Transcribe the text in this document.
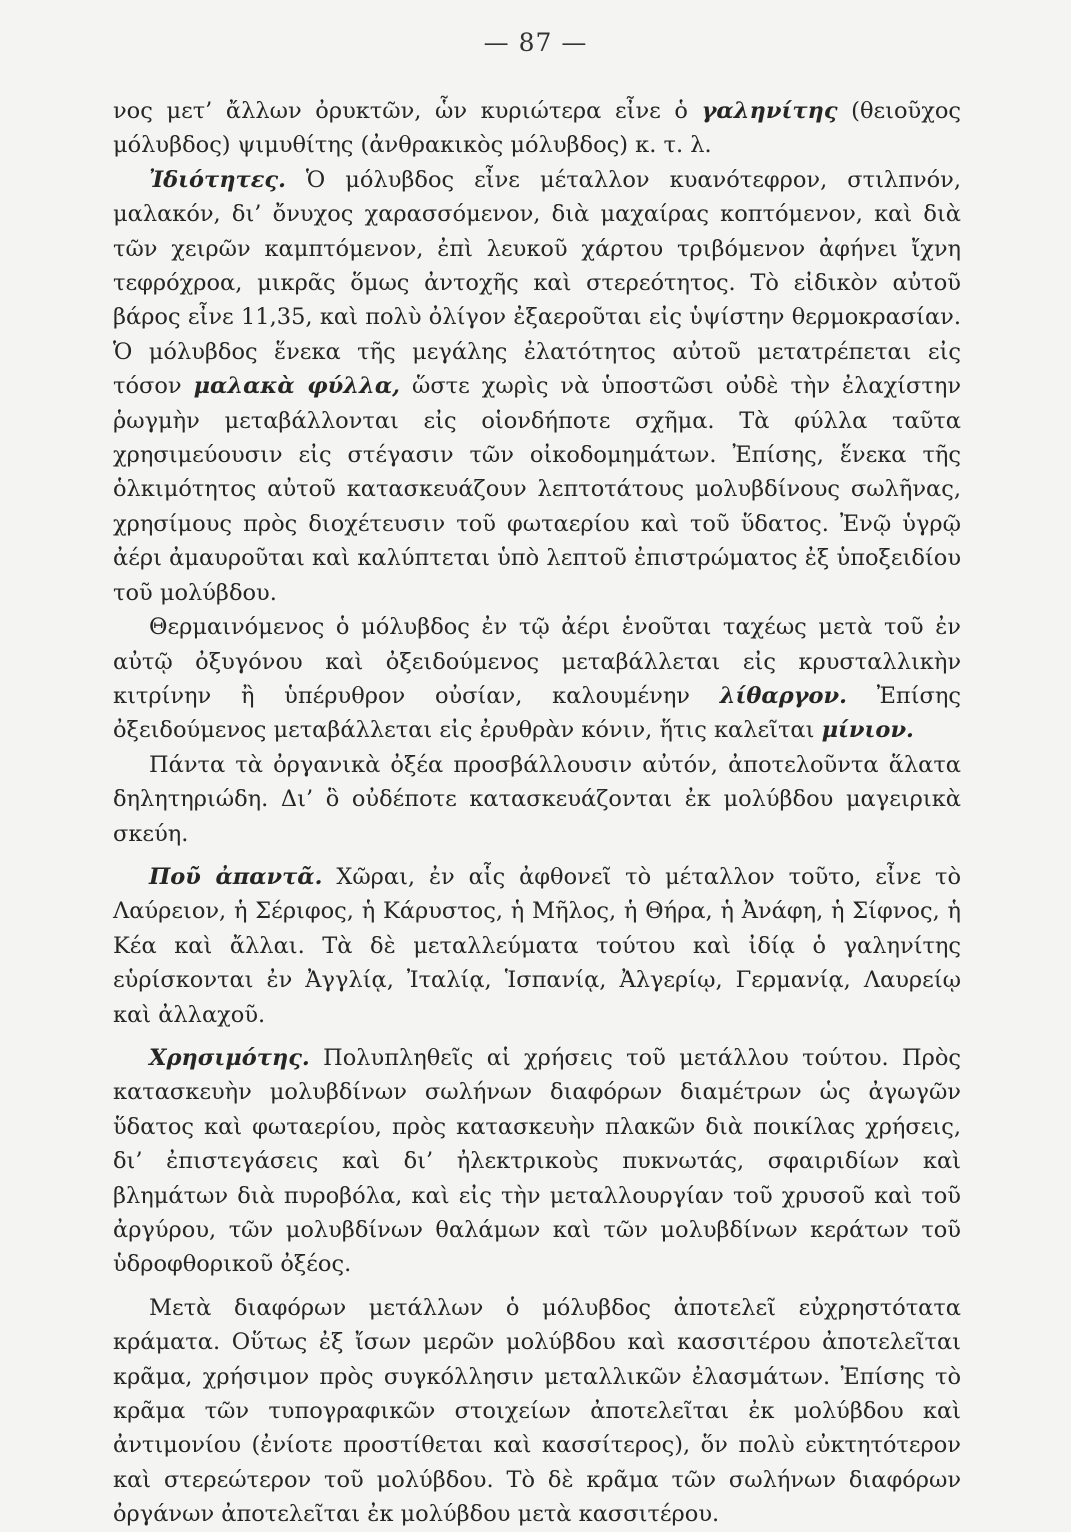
— 87 —

νος μετ’ ἄλλων ὀρυκτῶν, ὧν κυριώτερα εἶνε ὁ γαληνίτης (θειοῦχος μόλυβδος) ψιμυθίτης (ἀνθρακικὸς μόλυβδος) κ. τ. λ.

Ἰδιότητες. Ὁ μόλυβδος εἶνε μέταλλον κυανότεφρον, στιλπνόν, μαλακόν, δι’ ὄνυχος χαρασσόμενον, διὰ μαχαίρας κοπτόμενον, καὶ διὰ τῶν χειρῶν καμπτόμενον, ἐπὶ λευκοῦ χάρτου τριβόμενον ἀφήνει ἴχνη τεφρόχροα, μικρᾶς ὅμως ἀντοχῆς καὶ στερεότητος. Τὸ εἰδικὸν αὐτοῦ βάρος εἶνε 11,35, καὶ πολὺ ὀλίγον ἐξαεροῦται εἰς ὑψίστην θερμοκρασίαν. Ὁ μόλυβδος ἕνεκα τῆς μεγάλης ἐλατότητος αὐτοῦ μετατρέπεται εἰς τόσον μαλακὰ φύλλα, ὥστε χωρὶς νὰ ὑποστῶσι οὐδὲ τὴν ἐλαχίστην ῥωγμὴν μεταβάλλονται εἰς οἱονδήποτε σχῆμα. Τὰ φύλλα ταῦτα χρησιμεύουσιν εἰς στέγασιν τῶν οἰκοδομημάτων. Ἐπίσης, ἕνεκα τῆς ὁλκιμότητος αὐτοῦ κατασκευάζουν λεπτοτάτους μολυβδίνους σωλῆνας, χρησίμους πρὸς διοχέτευσιν τοῦ φωταερίου καὶ τοῦ ὕδατος. Ἐνῷ ὑγρῷ ἀέρι ἀμαυροῦται καὶ καλύπτεται ὑπὸ λεπτοῦ ἐπιστρώματος ἐξ ὑποξειδίου τοῦ μολύβδου.

Θερμαινόμενος ὁ μόλυβδος ἐν τῷ ἀέρι ἑνοῦται ταχέως μετὰ τοῦ ἐν αὐτῷ ὀξυγόνου καὶ ὀξειδούμενος μεταβάλλεται εἰς κρυσταλλικὴν κιτρίνην ἢ ὑπέρυθρον οὐσίαν, καλουμένην λίθαργον. Ἐπίσης ὀξειδούμενος μεταβάλλεται εἰς ἐρυθρὰν κόνιν, ἥτις καλεῖται μίνιον.

Πάντα τὰ ὀργανικὰ ὀξέα προσβάλλουσιν αὐτόν, ἀποτελοῦντα ἅλατα δηλητηριώδη. Δι’ ὃ οὐδέποτε κατασκευάζονται ἐκ μολύβδου μαγειρικὰ σκεύη.

Ποῦ ἀπαντᾶ. Χῶραι, ἐν αἷς ἀφθονεῖ τὸ μέταλλον τοῦτο, εἶνε τὸ Λαύρειον, ἡ Σέριφος, ἡ Κάρυστος, ἡ Μῆλος, ἡ Θήρα, ἡ Ἀνάφη, ἡ Σίφνος, ἡ Κέα καὶ ἄλλαι. Τὰ δὲ μεταλλεύματα τούτου καὶ ἰδίᾳ ὁ γαληνίτης εὑρίσκονται ἐν Ἀγγλίᾳ, Ἰταλίᾳ, Ἱσπανίᾳ, Ἀλγερίῳ, Γερμανίᾳ, Λαυρείῳ καὶ ἀλλαχοῦ.

Χρησιμότης. Πολυπληθεῖς αἱ χρήσεις τοῦ μετάλλου τούτου. Πρὸς κατασκευὴν μολυβδίνων σωλήνων διαφόρων διαμέτρων ὡς ἀγωγῶν ὕδατος καὶ φωταερίου, πρὸς κατασκευὴν πλακῶν διὰ ποικίλας χρήσεις, δι’ ἐπιστεγάσεις καὶ δι’ ἠλεκτρικοὺς πυκνωτάς, σφαιριδίων καὶ βλημάτων διὰ πυροβόλα, καὶ εἰς τὴν μεταλλουργίαν τοῦ χρυσοῦ καὶ τοῦ ἀργύρου, τῶν μολυβδίνων θαλάμων καὶ τῶν μολυβδίνων κεράτων τοῦ ὑδροφθορικοῦ ὀξέος.

Μετὰ διαφόρων μετάλλων ὁ μόλυβδος ἀποτελεῖ εὐχρηστότατα κράματα. Οὕτως ἐξ ἴσων μερῶν μολύβδου καὶ κασσιτέρου ἀποτελεῖται κρᾶμα, χρήσιμον πρὸς συγκόλλησιν μεταλλικῶν ἐλασμάτων. Ἐπίσης τὸ κρᾶμα τῶν τυπογραφικῶν στοιχείων ἀποτελεῖται ἐκ μολύβδου καὶ ἀντιμονίου (ἐνίοτε προστίθεται καὶ κασσίτερος), ὅν πολὺ εὐκτητότερον καὶ στερεώτερον τοῦ μολύβδου. Τὸ δὲ κρᾶμα τῶν σωλήνων διαφόρων ὀργάνων ἀποτελεῖται ἐκ μολύβδου μετὰ κασσιτέρου.
